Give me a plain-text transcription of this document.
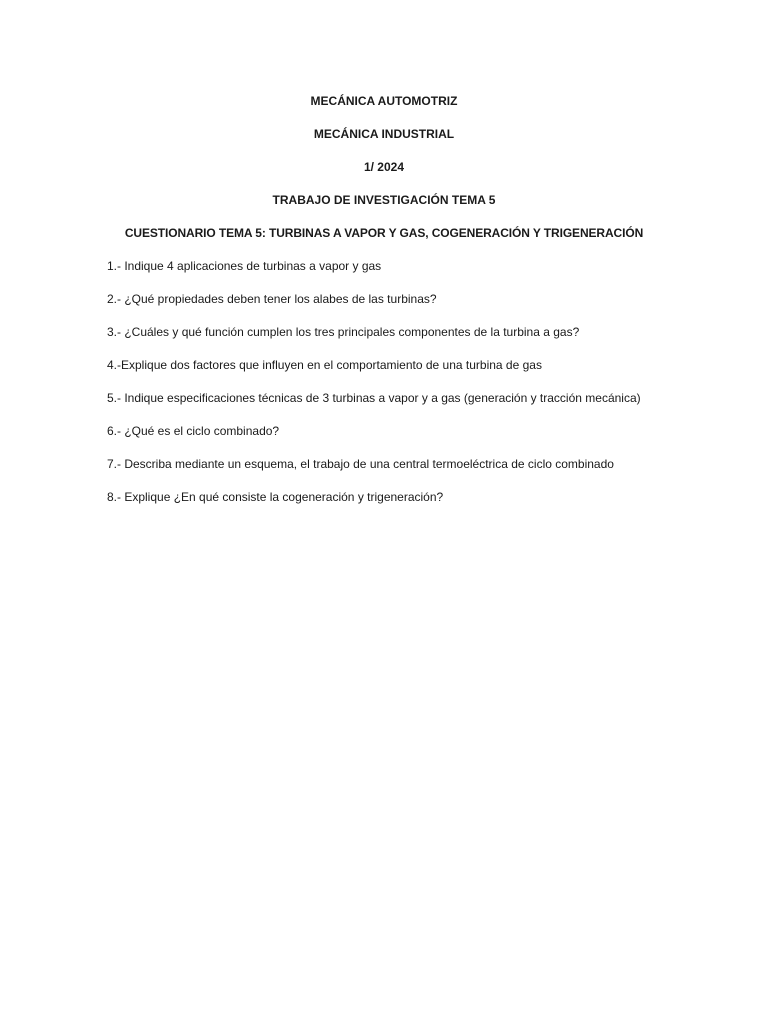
MECÁNICA AUTOMOTRIZ
MECÁNICA INDUSTRIAL
1/ 2024
TRABAJO DE INVESTIGACIÓN TEMA 5
CUESTIONARIO TEMA 5: TURBINAS A VAPOR Y GAS, COGENERACIÓN Y TRIGENERACIÓN
1.- Indique 4 aplicaciones de turbinas a vapor y gas
2.- ¿Qué propiedades deben tener los alabes de las turbinas?
3.- ¿Cuáles y qué función cumplen los tres principales componentes de la turbina a gas?
4.-Explique dos factores que influyen en el comportamiento de una turbina de gas
5.- Indique especificaciones técnicas de 3 turbinas a vapor y a gas (generación y tracción mecánica)
6.- ¿Qué es el ciclo combinado?
7.- Describa mediante un esquema, el trabajo de una central termoeléctrica de ciclo combinado
8.- Explique ¿En qué consiste la cogeneración y trigeneración?
